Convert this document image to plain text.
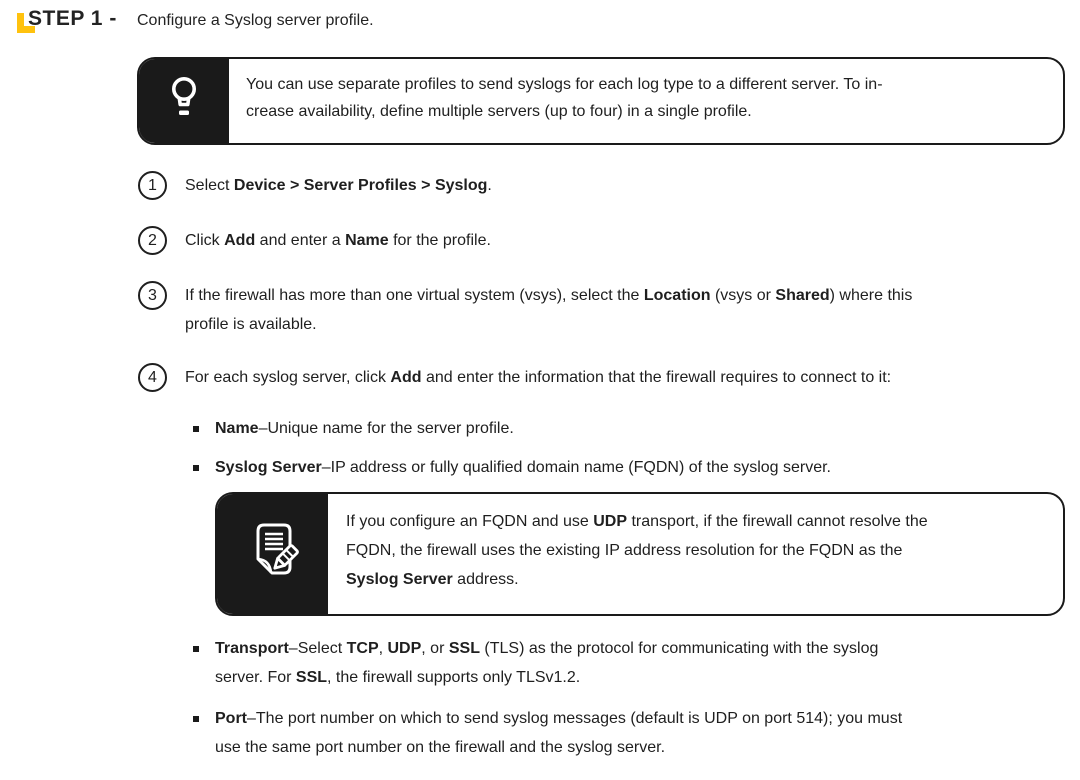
STEP 1 - Configure a Syslog server profile.
You can use separate profiles to send syslogs for each log type to a different server. To in-
crease availability, define multiple servers (up to four) in a single profile.
1	Select Device > Server Profiles > Syslog.
2	Click Add and enter a Name for the profile.
3	If the firewall has more than one virtual system (vsys), select the Location (vsys or Shared) where this
profile is available.
4	For each syslog server, click Add and enter the information that the firewall requires to connect to it:
Name–Unique name for the server profile.
Syslog Server–IP address or fully qualified domain name (FQDN) of the syslog server.
If you configure an FQDN and use UDP transport, if the firewall cannot resolve the
FQDN, the firewall uses the existing IP address resolution for the FQDN as the
Syslog Server address.
Transport–Select TCP, UDP, or SSL (TLS) as the protocol for communicating with the syslog
server. For SSL, the firewall supports only TLSv1.2.
Port–The port number on which to send syslog messages (default is UDP on port 514); you must
use the same port number on the firewall and the syslog server.
